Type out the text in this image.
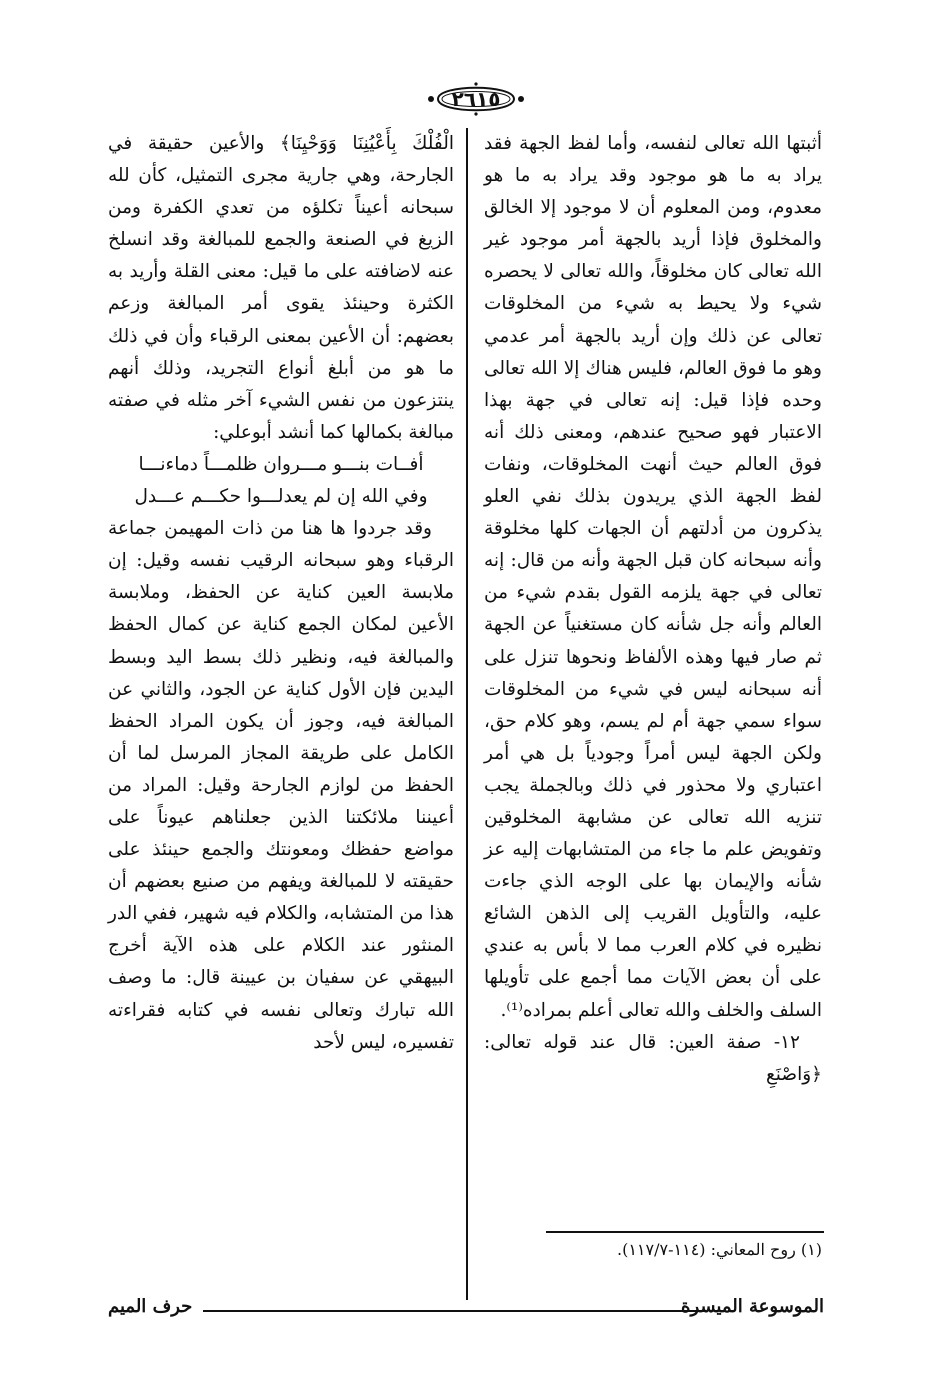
٢٦١٥

أثبتها الله تعالى لنفسه، وأما لفظ الجهة فقد يراد به ما هو موجود وقد يراد به ما هو معدوم، ومن المعلوم أن لا موجود إلا الخالق والمخلوق فإذا أريد بالجهة أمر موجود غير الله تعالى كان مخلوقاً، والله تعالى لا يحصره شيء ولا يحيط به شيء من المخلوقات تعالى عن ذلك وإن أريد بالجهة أمر عدمي وهو ما فوق العالم، فليس هناك إلا الله تعالى وحده فإذا قيل: إنه تعالى في جهة بهذا الاعتبار فهو صحيح عندهم، ومعنى ذلك أنه فوق العالم حيث أنهت المخلوقات، ونفات لفظ الجهة الذي يريدون بذلك نفي العلو يذكرون من أدلتهم أن الجهات كلها مخلوقة وأنه سبحانه كان قبل الجهة وأنه من قال: إنه تعالى في جهة يلزمه القول بقدم شيء من العالم وأنه جل شأنه كان مستغنياً عن الجهة ثم صار فيها وهذه الألفاظ ونحوها تنزل على أنه سبحانه ليس في شيء من المخلوقات سواء سمي جهة أم لم يسم، وهو كلام حق، ولكن الجهة ليس أمراً وجودياً بل هي أمر اعتباري ولا محذور في ذلك وبالجملة يجب تنزيه الله تعالى عن مشابهة المخلوقين وتفويض علم ما جاء من المتشابهات إليه عز شأنه والإيمان بها على الوجه الذي جاءت عليه، والتأويل القريب إلى الذهن الشائع نظيره في كلام العرب مما لا بأس به عندي على أن بعض الآيات مما أجمع على تأويلها السلف والخلف والله تعالى أعلم بمراده⁽¹⁾.

١٢- صفة العين: قال عند قوله تعالى: ﴿وَاصْنَعِ

الْفُلْكَ بِأَعْيُنِنَا وَوَحْيِنَا﴾ والأعين حقيقة في الجارحة، وهي جارية مجرى التمثيل، كأن لله سبحانه أعيناً تكلؤه من تعدي الكفرة ومن الزيغ في الصنعة والجمع للمبالغة وقد انسلخ عنه لاضافته على ما قيل: معنى القلة وأريد به الكثرة وحينئذ يقوى أمر المبالغة وزعم بعضهم: أن الأعين بمعنى الرقباء وأن في ذلك ما هو من أبلغ أنواع التجريد، وذلك أنهم ينتزعون من نفس الشيء آخر مثله في صفته مبالغة بكمالها كما أنشد أبوعلي:

أفــات بنـــو مـــروان ظلمـــاً دماءنـــا

وفي الله إن لم يعدلـــوا حكـــم عـــدل

وقد جردوا ها هنا من ذات المهيمن جماعة الرقباء وهو سبحانه الرقيب نفسه وقيل: إن ملابسة العين كناية عن الحفظ، وملابسة الأعين لمكان الجمع كناية عن كمال الحفظ والمبالغة فيه، ونظير ذلك بسط اليد وبسط اليدين فإن الأول كناية عن الجود، والثاني عن المبالغة فيه، وجوز أن يكون المراد الحفظ الكامل على طريقة المجاز المرسل لما أن الحفظ من لوازم الجارحة وقيل: المراد من أعيننا ملائكتنا الذين جعلناهم عيوناً على مواضع حفظك ومعونتك والجمع حينئذ على حقيقته لا للمبالغة ويفهم من صنيع بعضهم أن هذا من المتشابه، والكلام فيه شهير، ففي الدر المنثور عند الكلام على هذه الآية أخرج البيهقي عن سفيان بن عيينة قال: ما وصف الله تبارك وتعالى نفسه في كتابه فقراءته تفسيره، ليس لأحد

(١) روح المعاني: (١١٤-١١٧/٧).
الموسوعة الميسرة
حرف الميم
